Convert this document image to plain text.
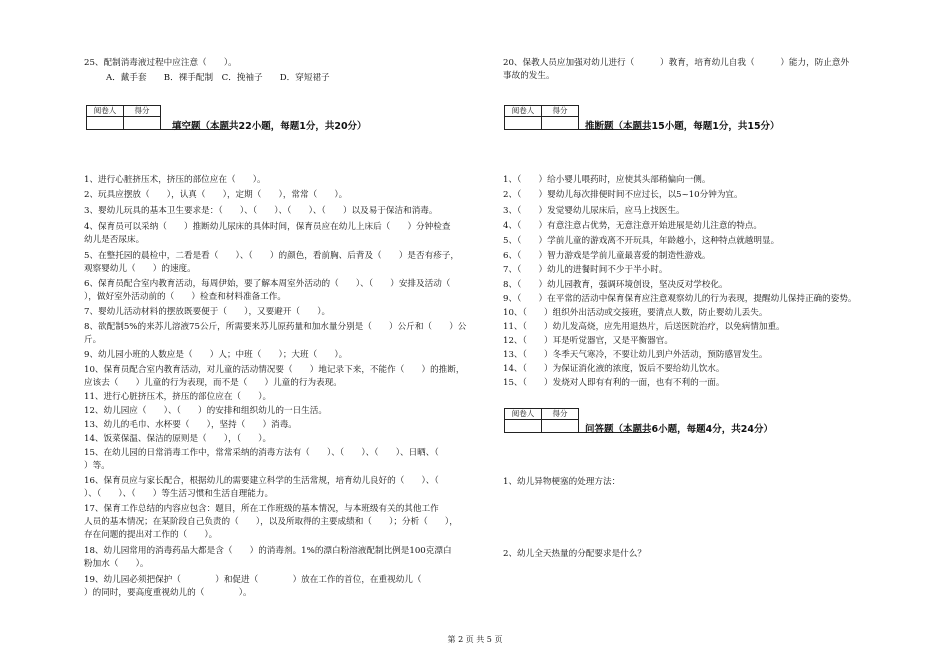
25、配制消毒液过程中应注意（　　）。
A．戴手套　　B．裸手配制　C．挽袖子　　D．穿短裙子
阅卷人	得分

填空题（本题共22小题，每题1分，共20分）
1、进行心脏挤压术，挤压的部位应在（　　）。
2、玩具应摆放（　　），认真（　　），定期（　　），常常（　　）。
3、婴幼儿玩具的基本卫生要求是：（　　）、（　　）、（　　）、（　　）以及易于保洁和消毒。
4、保育员可以采纳（　　）推断幼儿尿床的具体时间，保育员应在幼儿上床后（　　）分钟检查
幼儿是否尿床。
5、在整托园的晨检中，二看是看（　　）、（　　）的颜色，看前胸、后背及（　　）是否有疹子，
观察婴幼儿（　　）的速度。
6、保育员配合室内教育活动，每周伊始，要了解本周室外活动的（　　）、（　　）安排及活动（　　
），做好室外活动前的（　　）检查和材料准备工作。
7、婴幼儿活动材料的摆放既要便于（　　），又要避开（　　）。
8、欲配制5%的来苏儿溶液75公斤，所需要来苏儿原药量和加水量分别是（　　）公斤和（　　）公
斤。
9、幼儿园小班的人数应是（　　）人；中班（　　）；大班（　　）。
10、保育员配合室内教育活动，对儿童的活动情况要（　　）地记录下来，不能作（　　）的推断，
应该去（　　）儿童的行为表现，而不是（　　）儿童的行为表现。
11、进行心脏挤压术，挤压的部位应在（　　）。
12、幼儿园应（　　）、（　　）的安排和组织幼儿的一日生活。
13、幼儿的毛巾、水杯要（　　），坚持（　　）消毒。
14、饭菜保温、保洁的原则是（　　），（　　）。
15、在幼儿园的日常消毒工作中，常常采纳的消毒方法有（　　）、（　　）、（　　）、日晒、（　　
）等。
16、保育员应与家长配合，根据幼儿的需要建立科学的生活常规，培育幼儿良好的（　　）、（　　
）、（　　）、（　　）等生活习惯和生活自理能力。
17、保育工作总结的内容应包含：题目，所在工作班级的基本情况，与本班级有关的其他工作
人员的基本情况；在某阶段自己负责的（　　），以及所取得的主要成绩和（　　）；分析（　　），
存在问题的提出对工作的（　　）。
18、幼儿园常用的消毒药品大都是含（　　）的消毒剂。1%的漂白粉溶液配制比例是100克漂白
粉加水（　　）。
19、幼儿园必须把保护（　　　　）和促进（　　　　）放在工作的首位，在重视幼儿（　　
）的同时，要高度重视幼儿的（　　　　）。
20、保教人员应加强对幼儿进行（　　　）教育，培育幼儿自我（　　　）能力，防止意外
事故的发生。
阅卷人	得分

推断题（本题共15小题，每题1分，共15分）
1、（　　）给小婴儿喂药时，应使其头部稍偏向一侧。
2、（　　）婴幼儿每次排便时间不应过长，以5~10分钟为宜。
3、（　　）发觉婴幼儿尿床后，应马上找医生。
4、（　　）有意注意占优势，无意注意开始进展是幼儿注意的特点。
5、（　　）学前儿童的游戏离不开玩具，年龄越小，这种特点就越明显。
6、（　　）智力游戏是学前儿童最喜爱的制造性游戏。
7、（　　）幼儿的进餐时间不少于半小时。
8、（　　）幼儿园教育，强调环境创设，坚决反对学校化。
9、（　　）在平常的活动中保育保育应注意观察幼儿的行为表现，提醒幼儿保持正确的姿势。
10、（　　）组织外出活动或交接班，要清点人数，防止婴幼儿丢失。
11、（　　）幼儿发高烧，应先用退热片，后送医院治疗，以免病情加重。
12、（　　）耳是听觉器官，又是平衡器官。
13、（　　）冬季天气寒冷，不要让幼儿到户外活动，预防感冒发生。
14、（　　）为保证消化液的浓度，饭后不要给幼儿饮水。
15、（　　）发烧对人即有有利的一面，也有不利的一面。
阅卷人	得分

问答题（本题共6小题，每题4分，共24分）
1、幼儿异物梗塞的处理方法：
2、幼儿全天热量的分配要求是什么？
第 2 页 共 5 页
